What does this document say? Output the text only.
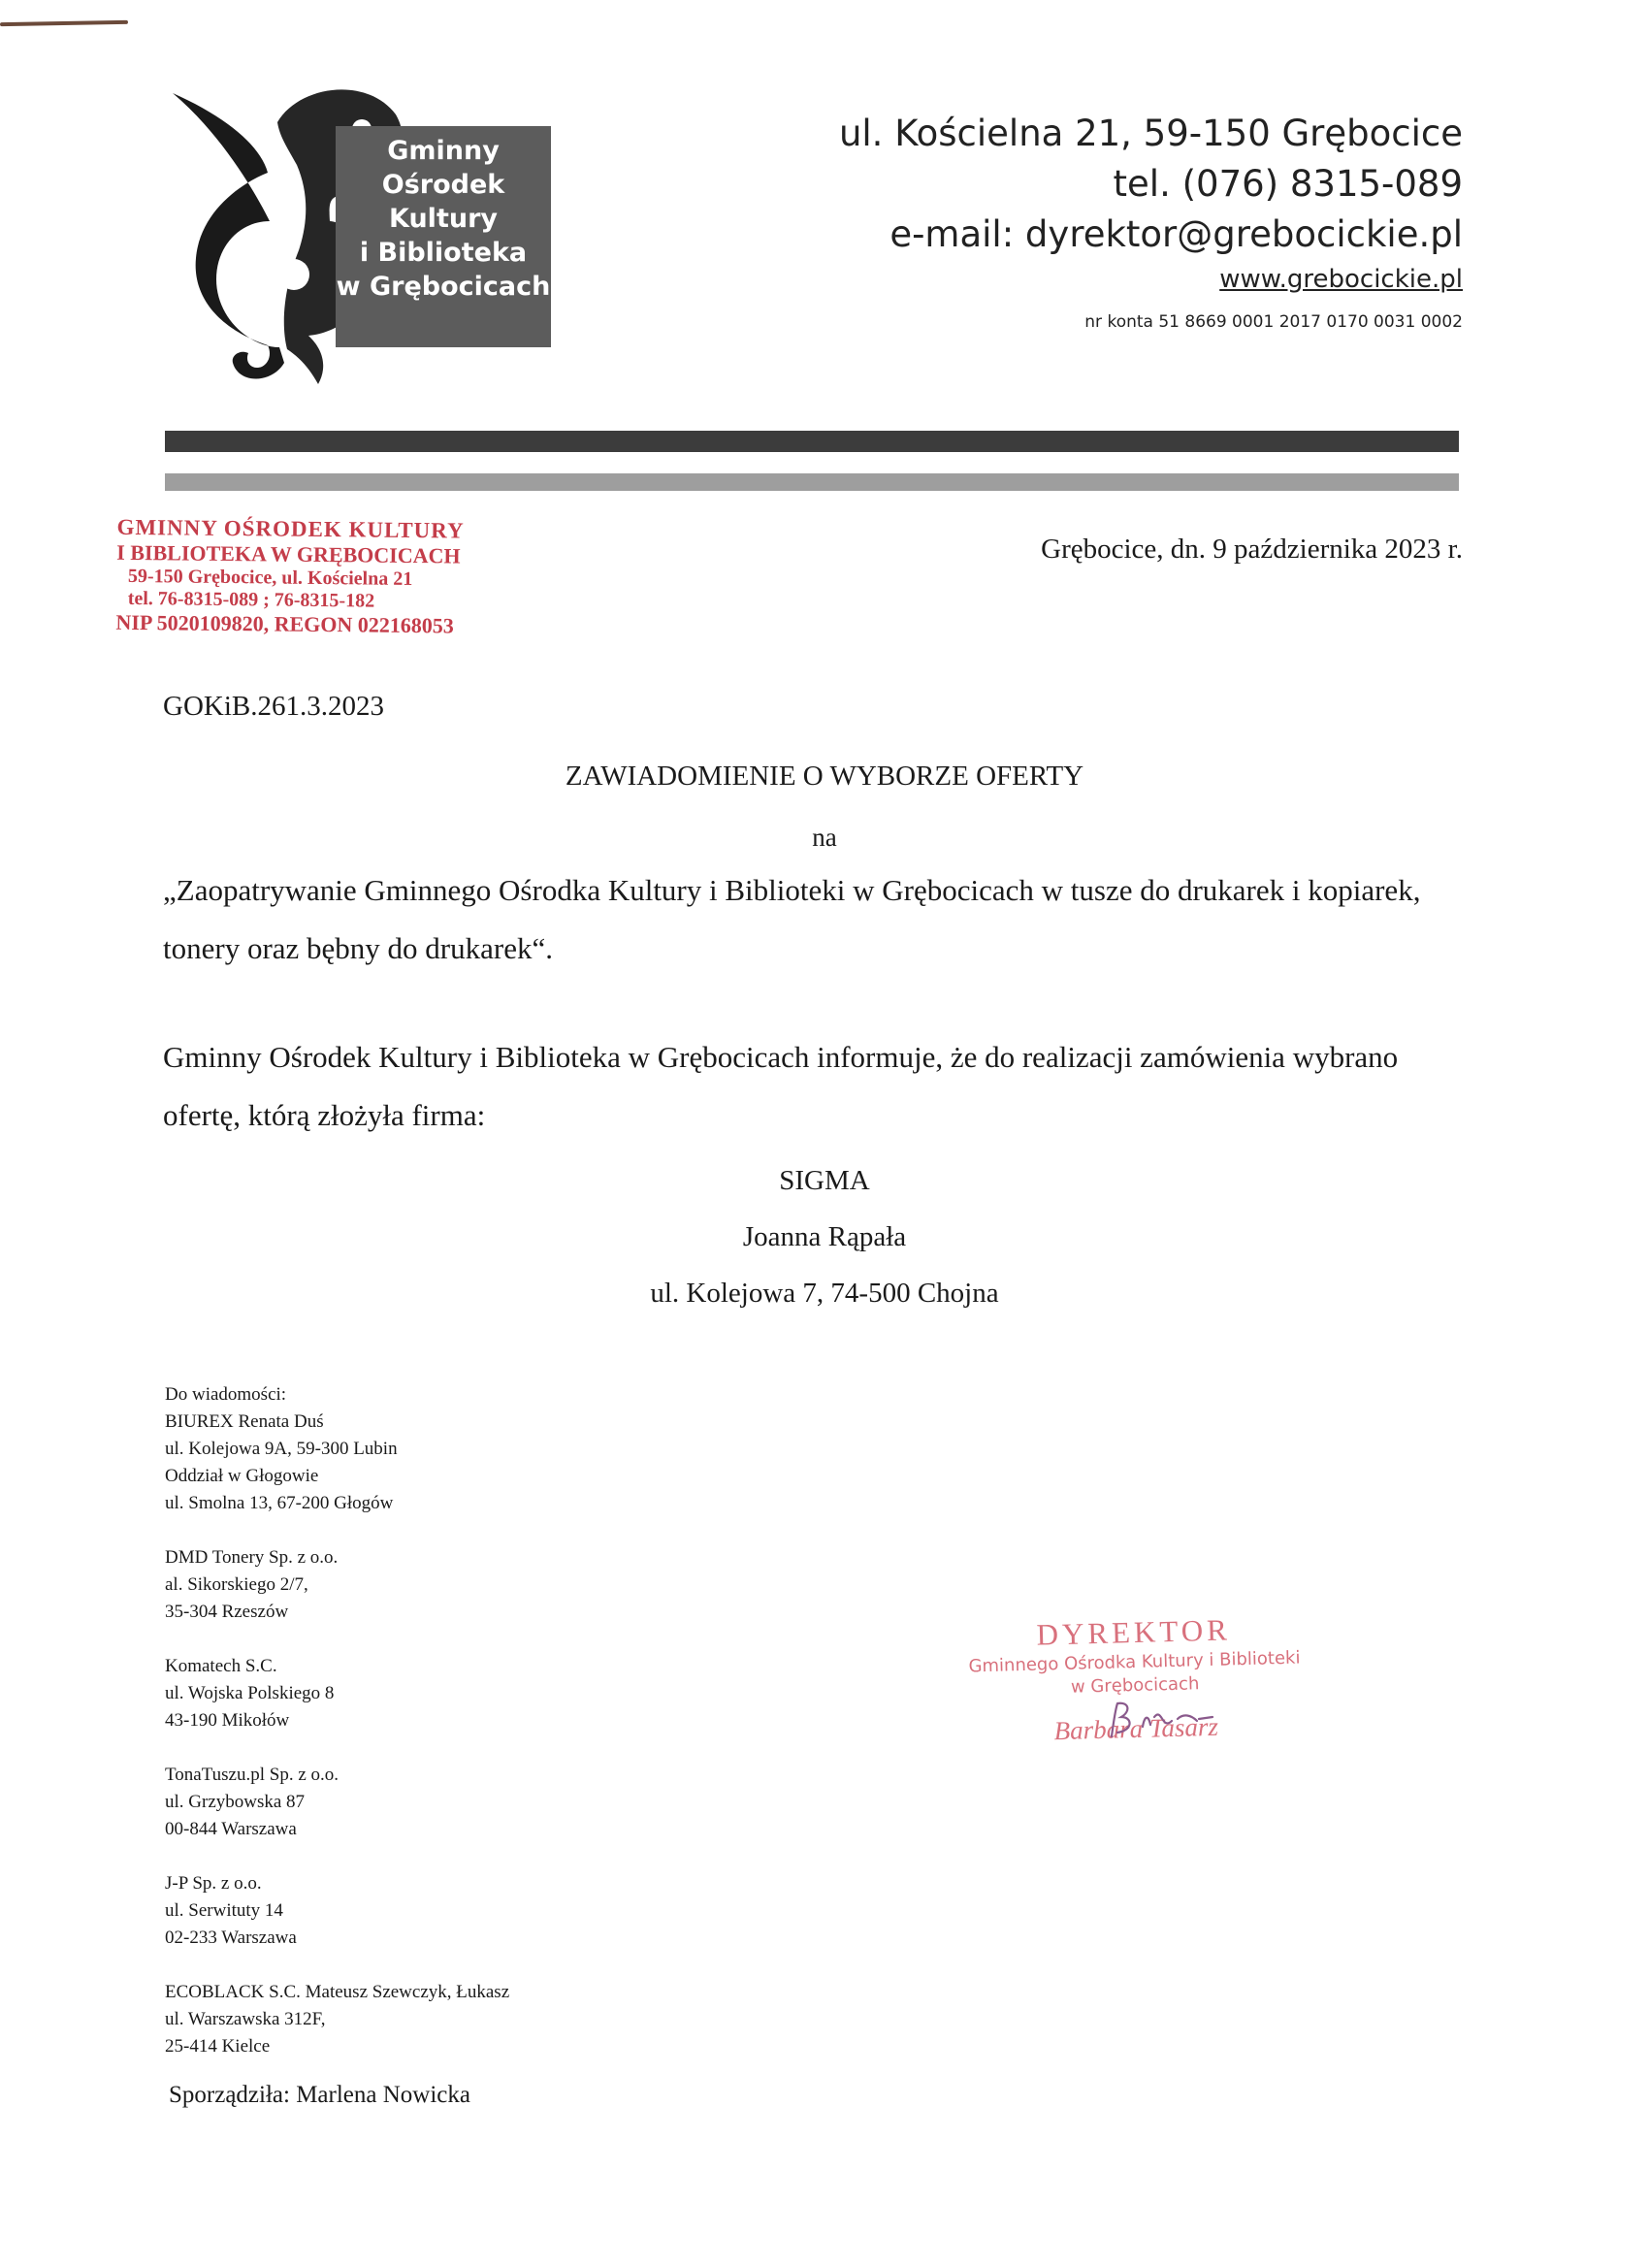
Gminny
Ośrodek
Kultury
i Biblioteka
w Grębocicach
ul. Kościelna 21, 59-150 Grębocice
tel. (076) 8315-089
e-mail: dyrektor@grebocickie.pl
www.grebocickie.pl
nr konta 51 8669 0001 2017 0170 0031 0002
GMINNY OŚRODEK KULTURY
I BIBLIOTEKA W GRĘBOCICACH
59-150 Grębocice, ul. Kościelna 21
tel. 76-8315-089 ; 76-8315-182
NIP 5020109820, REGON 022168053
Grębocice, dn. 9 października 2023 r.
GOKiB.261.3.2023
ZAWIADOMIENIE O WYBORZE OFERTY
na
„Zaopatrywanie Gminnego Ośrodka Kultury i Biblioteki w Grębocicach w tusze do drukarek i kopiarek, tonery oraz bębny do drukarek“.
Gminny Ośrodek Kultury i Biblioteka w Grębocicach informuje, że do realizacji zamówienia wybrano ofertę, którą złożyła firma:
SIGMA
Joanna Rąpała
ul. Kolejowa 7, 74-500 Chojna
Do wiadomości:
BIUREX Renata Duś
ul. Kolejowa 9A, 59-300 Lubin
Oddział w Głogowie
ul. Smolna 13, 67-200 Głogów
DMD Tonery Sp. z o.o.
al. Sikorskiego 2/7,
35-304 Rzeszów
Komatech S.C.
ul. Wojska Polskiego 8
43-190 Mikołów
TonaTuszu.pl Sp. z o.o.
ul. Grzybowska 87
00-844 Warszawa
J-P Sp. z o.o.
ul. Serwituty 14
02-233 Warszawa
ECOBLACK S.C. Mateusz Szewczyk, Łukasz
ul. Warszawska 312F,
25-414 Kielce
Sporządziła: Marlena Nowicka
DYREKTOR
Gminnego Ośrodka Kultury i Biblioteki
w Grębocicach
Barbara Tasarz
